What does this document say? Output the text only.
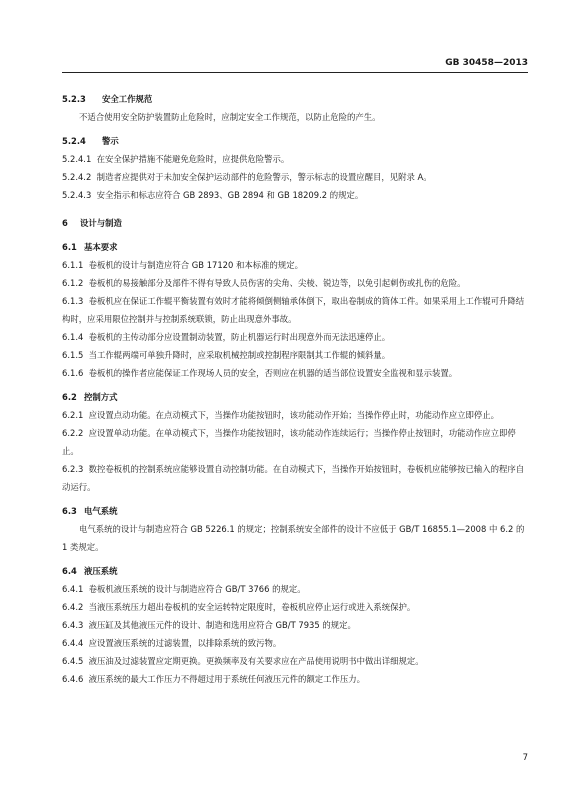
GB 30458—2013
5.2.3	安全工作规范
不适合使用安全防护装置防止危险时，应制定安全工作规范，以防止危险的产生。
5.2.4	警示
5.2.4.1 在安全保护措施不能避免危险时，应提供危险警示。
5.2.4.2 制造者应提供对于未加安全保护运动部件的危险警示，警示标志的设置应醒目，见附录 A。
5.2.4.3 安全指示和标志应符合 GB 2893、GB 2894 和 GB 18209.2 的规定。
6	设计与制造
6.1 基本要求
6.1.1 卷板机的设计与制造应符合 GB 17120 和本标准的规定。
6.1.2 卷板机的易接触部分及部件不得有导致人员伤害的尖角、尖棱、锐边等，以免引起刺伤或扎伤的危险。
6.1.3 卷板机应在保证工作辊平衡装置有效时才能将倾倒侧轴承体倒下，取出卷制成的筒体工件。如果采用上工作辊可升降结构时，应采用限位控制并与控制系统联锁，防止出现意外事故。
6.1.4 卷板机的主传动部分应设置制动装置，防止机器运行时出现意外而无法迅速停止。
6.1.5 当工作辊两端可单独升降时，应采取机械控制或控制程序限制其工作辊的倾斜量。
6.1.6 卷板机的操作者应能保证工作现场人员的安全，否则应在机器的适当部位设置安全监视和显示装置。
6.2 控制方式
6.2.1 应设置点动功能。在点动模式下，当操作功能按钮时，该功能动作开始；当操作停止时，功能动作应立即停止。
6.2.2 应设置单动功能。在单动模式下，当操作功能按钮时，该功能动作连续运行；当操作停止按钮时，功能动作应立即停止。
6.2.3 数控卷板机的控制系统应能够设置自动控制功能。在自动模式下，当操作开始按钮时，卷板机应能够按已输入的程序自动运行。
6.3 电气系统
电气系统的设计与制造应符合 GB 5226.1 的规定；控制系统安全部件的设计不应低于 GB/T 16855.1—2008 中 6.2 的 1 类规定。
6.4 液压系统
6.4.1 卷板机液压系统的设计与制造应符合 GB/T 3766 的规定。
6.4.2 当液压系统压力超出卷板机的安全运转特定限度时，卷板机应停止运行或进入系统保护。
6.4.3 液压缸及其他液压元件的设计、制造和选用应符合 GB/T 7935 的规定。
6.4.4 应设置液压系统的过滤装置，以排除系统的致污物。
6.4.5 液压油及过滤装置应定期更换。更换频率及有关要求应在产品使用说明书中做出详细规定。
6.4.6 液压系统的最大工作压力不得超过用于系统任何液压元件的额定工作压力。
7
